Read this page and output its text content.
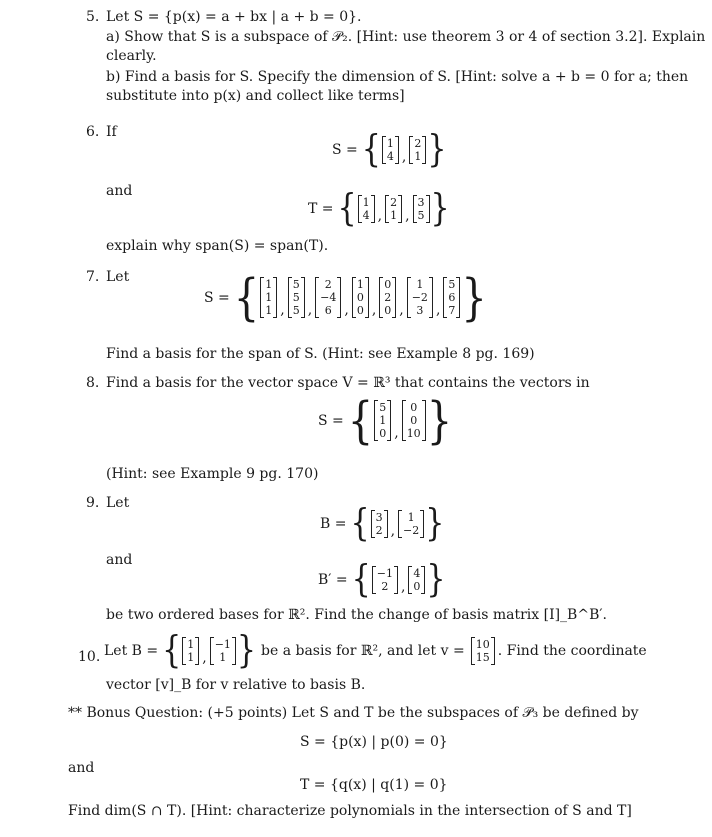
5. Let S = {p(x) = a + bx | a + b = 0}.
a) Show that S is a subspace of 𝒫₂. [Hint: use theorem 3 or 4 of section 3.2]. Explain
clearly.
b) Find a basis for S. Specify the dimension of S. [Hint: solve a + b = 0 for a; then
substitute into p(x) and collect like terms]
6. If
S = { 1
4 ,
2
1 }
and
T = { 1
4 ,
2
1 ,
3
5 }
explain why span(S) = span(T).
7. Let
S = { 1
1
1 ,
5
5
5 ,
2
−4
6 ,
1
0
0 ,
0
2
0 ,
1
−2
3 ,
5
6
7 }
Find a basis for the span of S. (Hint: see Example 8 pg. 169)
8. Find a basis for the vector space V = ℝ³ that contains the vectors in
S = { 5
1
0 ,
0
0
10 }
(Hint: see Example 9 pg. 170)
9. Let
B = { 3
2 ,
1
−2 }
and
B′ = { −1
2 ,
4
0 }
be two ordered bases for ℝ². Find the change of basis matrix [I]_B^B′.
10. Let B = { 1
1 ,
−1
1 } be a basis for ℝ², and let v = 10
15 . Find the coordinate
vector [v]_B for v relative to basis B.
** Bonus Question: (+5 points) Let S and T be the subspaces of 𝒫₃ be defined by
S = {p(x) | p(0) = 0}
and
T = {q(x) | q(1) = 0}
Find dim(S ∩ T). [Hint: characterize polynomials in the intersection of S and T]
